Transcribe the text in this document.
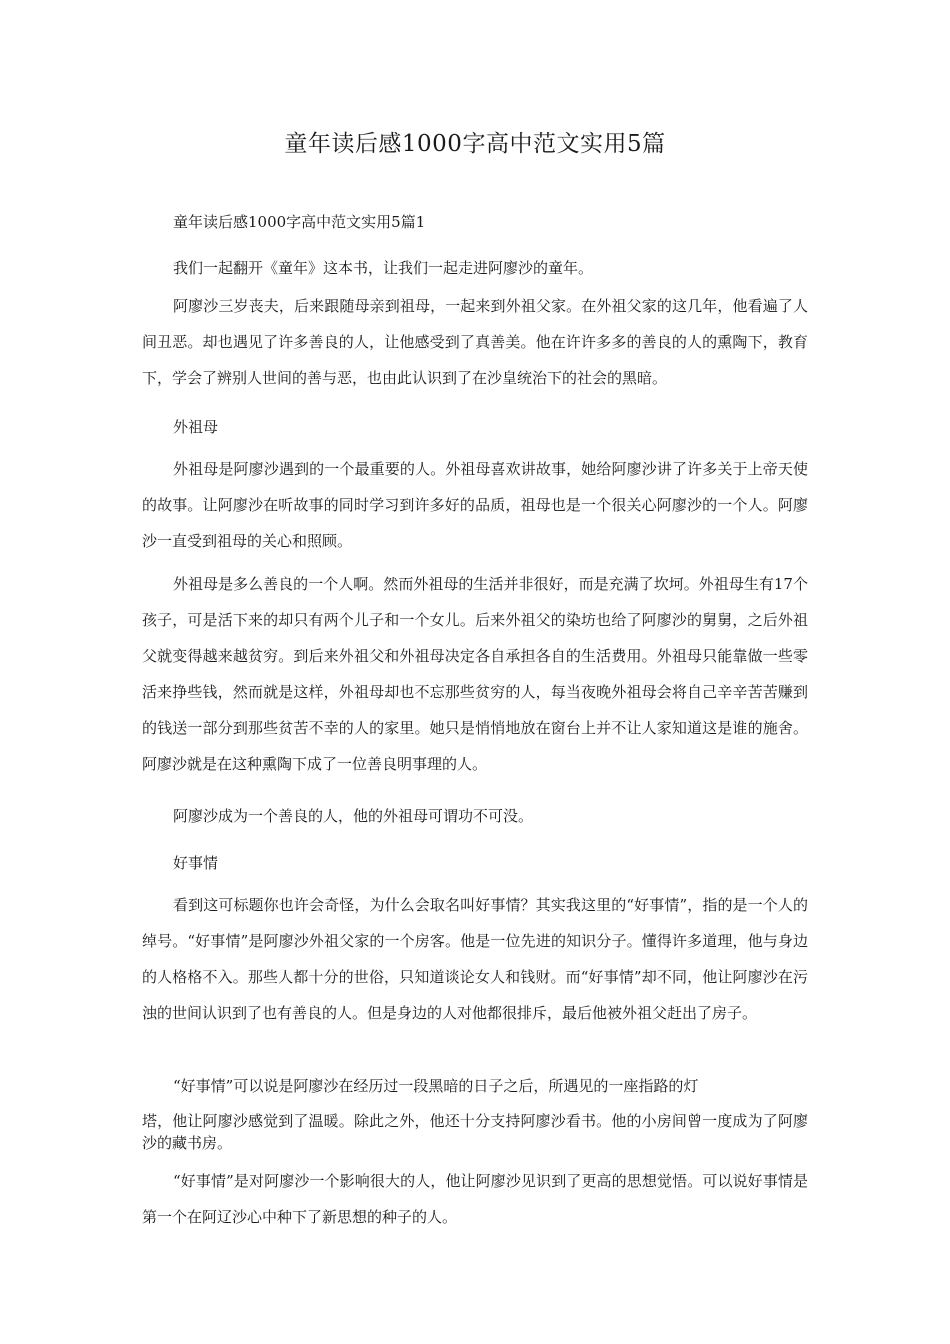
童年读后感1000字高中范文实用5篇
童年读后感1000字高中范文实用5篇1

我们一起翻开《童年》这本书，让我们一起走进阿廖沙的童年。

阿廖沙三岁丧夫，后来跟随母亲到祖母，一起来到外祖父家。在外祖父家的这几年，他看遍了人间丑恶。却也遇见了许多善良的人，让他感受到了真善美。他在许许多多的善良的人的熏陶下，教育下，学会了辨别人世间的善与恶，也由此认识到了在沙皇统治下的社会的黑暗。

外祖母

外祖母是阿廖沙遇到的一个最重要的人。外祖母喜欢讲故事，她给阿廖沙讲了许多关于上帝天使的故事。让阿廖沙在听故事的同时学习到许多好的品质，祖母也是一个很关心阿廖沙的一个人。阿廖沙一直受到祖母的关心和照顾。

外祖母是多么善良的一个人啊。然而外祖母的生活并非很好，而是充满了坎坷。外祖母生有17个孩子，可是活下来的却只有两个儿子和一个女儿。后来外祖父的染坊也给了阿廖沙的舅舅，之后外祖父就变得越来越贫穷。到后来外祖父和外祖母决定各自承担各自的生活费用。外祖母只能靠做一些零活来挣些钱，然而就是这样，外祖母却也不忘那些贫穷的人，每当夜晚外祖母会将自己辛辛苦苦赚到的钱送一部分到那些贫苦不幸的人的家里。她只是悄悄地放在窗台上并不让人家知道这是谁的施舍。阿廖沙就是在这种熏陶下成了一位善良明事理的人。

阿廖沙成为一个善良的人，他的外祖母可谓功不可没。

好事情

看到这可标题你也许会奇怪，为什么会取名叫好事情？其实我这里的“好事情”，指的是一个人的绰号。“好事情”是阿廖沙外祖父家的一个房客。他是一位先进的知识分子。懂得许多道理，他与身边的人格格不入。那些人都十分的世俗，只知道谈论女人和钱财。而“好事情”却不同，他让阿廖沙在污浊的世间认识到了也有善良的人。但是身边的人对他都很排斥，最后他被外祖父赶出了房子。

“好事情”可以说是阿廖沙在经历过一段黑暗的日子之后，所遇见的一座指路的灯

塔，他让阿廖沙感觉到了温暖。除此之外，他还十分支持阿廖沙看书。他的小房间曾一度成为了阿廖沙的藏书房。

“好事情”是对阿廖沙一个影响很大的人，他让阿廖沙见识到了更高的思想觉悟。可以说好事情是第一个在阿辽沙心中种下了新思想的种子的人。
